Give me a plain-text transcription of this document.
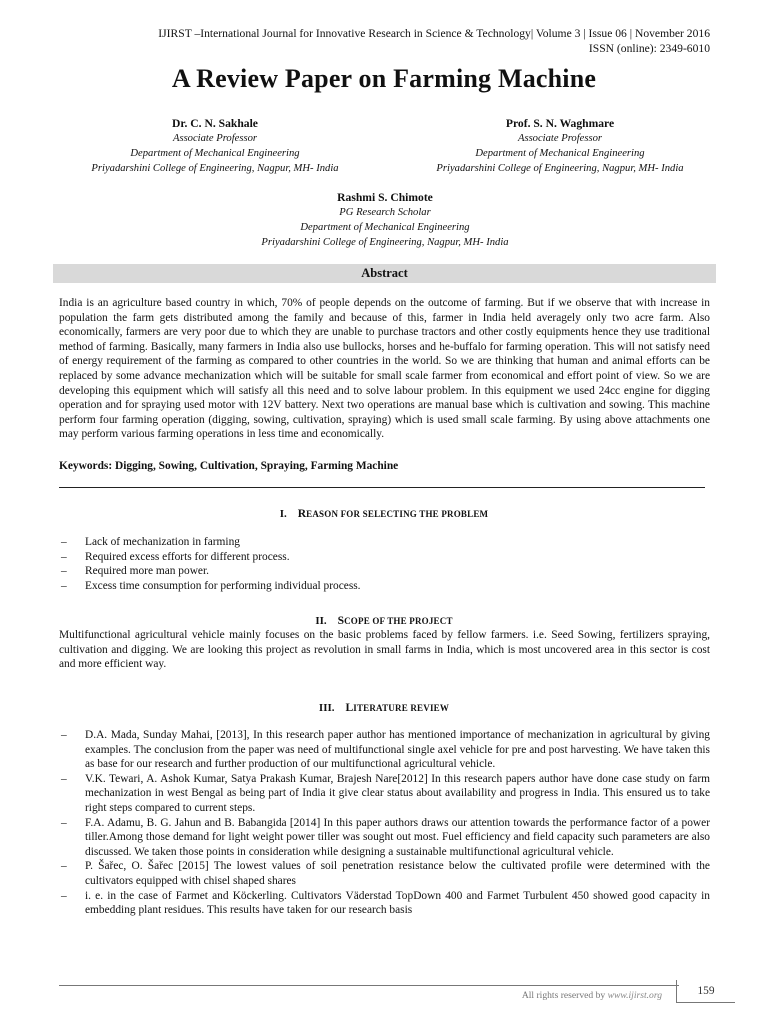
IJIRST –International Journal for Innovative Research in Science & Technology| Volume 3 | Issue 06 | November 2016
ISSN (online): 2349-6010
A Review Paper on Farming Machine
Dr. C. N. Sakhale
Associate Professor
Department of Mechanical Engineering
Priyadarshini College of Engineering, Nagpur, MH- India
Prof. S. N. Waghmare
Associate Professor
Department of Mechanical Engineering
Priyadarshini College of Engineering, Nagpur, MH- India
Rashmi S. Chimote
PG Research Scholar
Department of Mechanical Engineering
Priyadarshini College of Engineering, Nagpur, MH- India
Abstract

India is an agriculture based country in which, 70% of people depends on the outcome of farming. But if we observe that with increase in population the farm gets distributed among the family and because of this, farmer in India held averagely only two acre farm. Also economically, farmers are very poor due to which they are unable to purchase tractors and other costly equipments hence they use traditional method of farming. Basically, many farmers in India also use bullocks, horses and he-buffalo for farming operation. This will not satisfy need of energy requirement of the farming as compared to other countries in the world. So we are thinking that human and animal efforts can be replaced by some advance mechanization which will be suitable for small scale farmer from economical and effort point of view. So we are developing this equipment which will satisfy all this need and to solve labour problem. In this equipment we used 24cc engine for digging operation and for spraying used motor with 12V battery. Next two operations are manual base which is cultivation and sowing. This machine perform four farming operation (digging, sowing, cultivation, spraying) which is used small scale farming. By using above attachments one may perform various farming operations in less time and economically.

Keywords: Digging, Sowing, Cultivation, Spraying, Farming Machine
I. REASON FOR SELECTING THE PROBLEM
– Lack of mechanization in farming
– Required excess efforts for different process.
– Required more man power.
– Excess time consumption for performing individual process.
II. SCOPE OF THE PROJECT

Multifunctional agricultural vehicle mainly focuses on the basic problems faced by fellow farmers. i.e. Seed Sowing, fertilizers spraying, cultivation and digging. We are looking this project as revolution in small farms in India, which is most uncovered area in this sector is cost and more efficient way.

III. LITERATURE REVIEW
– D.A. Mada, Sunday Mahai, [2013], In this research paper author has mentioned importance of mechanization in agricultural by giving examples. The conclusion from the paper was need of multifunctional single axel vehicle for pre and post harvesting. We have taken this as base for our research and further production of our multifunctional agricultural vehicle.
– V.K. Tewari, A. Ashok Kumar, Satya Prakash Kumar, Brajesh Nare[2012] In this research papers author have done case study on farm mechanization in west Bengal as being part of India it give clear status about availability and progress in India. This ensured us to take right steps compared to current steps.
– F.A. Adamu, B. G. Jahun and B. Babangida [2014] In this paper authors draws our attention towards the performance factor of a power tiller.Among those demand for light weight power tiller was sought out most. Fuel efficiency and field capacity such parameters are also discussed. We taken those points in consideration while designing a sustainable multifunctional agricultural vehicle.
– P. Šařec, O. Šařec [2015] The lowest values of soil penetration resistance below the cultivated profile were determined with the cultivators equipped with chisel shaped shares
– i. e. in the case of Farmet and Köckerling. Cultivators Väderstad TopDown 400 and Farmet Turbulent 450 showed good capacity in embedding plant residues. This results have taken for our research basis
All rights reserved by www.ijirst.org	159
